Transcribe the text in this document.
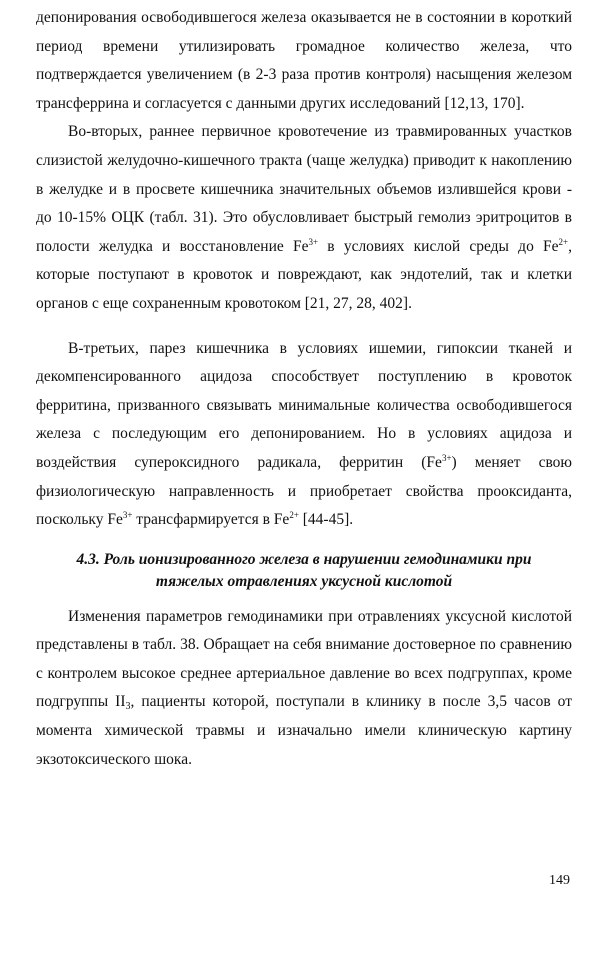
депонирования освободившегося железа оказывается не в состоянии в короткий период времени утилизировать громадное количество железа, что подтверждается увеличением (в 2-3 раза против контроля) насыщения железом трансферрина и согласуется с данными других исследований [12,13, 170].

Во-вторых, раннее первичное кровотечение из травмированных участков слизистой желудочно-кишечного тракта (чаще желудка) приводит к накоплению в желудке и в просвете кишечника значительных объемов излившейся крови - до 10-15% ОЦК (табл. 31). Это обусловливает быстрый гемолиз эритроцитов в полости желудка и восстановление $Fe^{3+}$ в условиях кислой среды до $Fe^{2+}$, которые поступают в кровоток и повреждают, как эндотелий, так и клетки органов с еще сохраненным кровотоком [21, 27, 28, 402].

В-третьих, парез кишечника в условиях ишемии, гипоксии тканей и декомпенсированного ацидоза способствует поступлению в кровоток ферритина, призванного связывать минимальные количества освободившегося железа с последующим его депонированием. Но в условиях ацидоза и воздействия супероксидного радикала, ферритин $(Fe^{3+})$ меняет свою физиологическую направленность и приобретает свойства прооксиданта, поскольку $Fe^{3+}$ трансфармируется в $Fe^{2+}$ [44-45].

4.3. Роль ионизированного железа в нарушении гемодинамики при
тяжелых отравлениях уксусной кислотой

Изменения параметров гемодинамики при отравлениях уксусной кислотой представлены в табл. 38. Обращает на себя внимание достоверное по сравнению с контролем высокое среднее артериальное давление во всех подгруппах, кроме подгруппы $II_3$, пациенты которой, поступали в клинику в после 3,5 часов от момента химической травмы и изначально имели клиническую картину экзотоксического шока.

149
